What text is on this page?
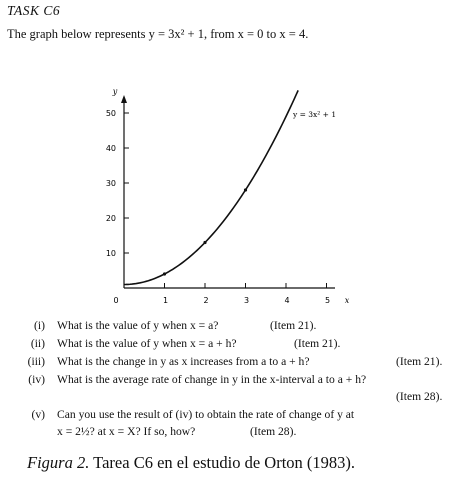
TASK C6
The graph below represents y = 3x² + 1, from x = 0 to x = 4.
1	2	3	4	5
10
20
30
40
50
0	x
y
y = 3x² + 1
(i) What is the value of y when x = a?	(Item 21).
(ii) What is the value of y when x = a + h?	(Item 21).
(iii) What is the change in y as x increases from a to a + h?	(Item 21).
(iv) What is the average rate of change in y in the x-interval a to a + h?
(Item 28).
(v) Can you use the result of (iv) to obtain the rate of change of y at
x = 2½? at x = X? If so, how?	(Item 28).
Figura 2. Tarea C6 en el estudio de Orton (1983).
